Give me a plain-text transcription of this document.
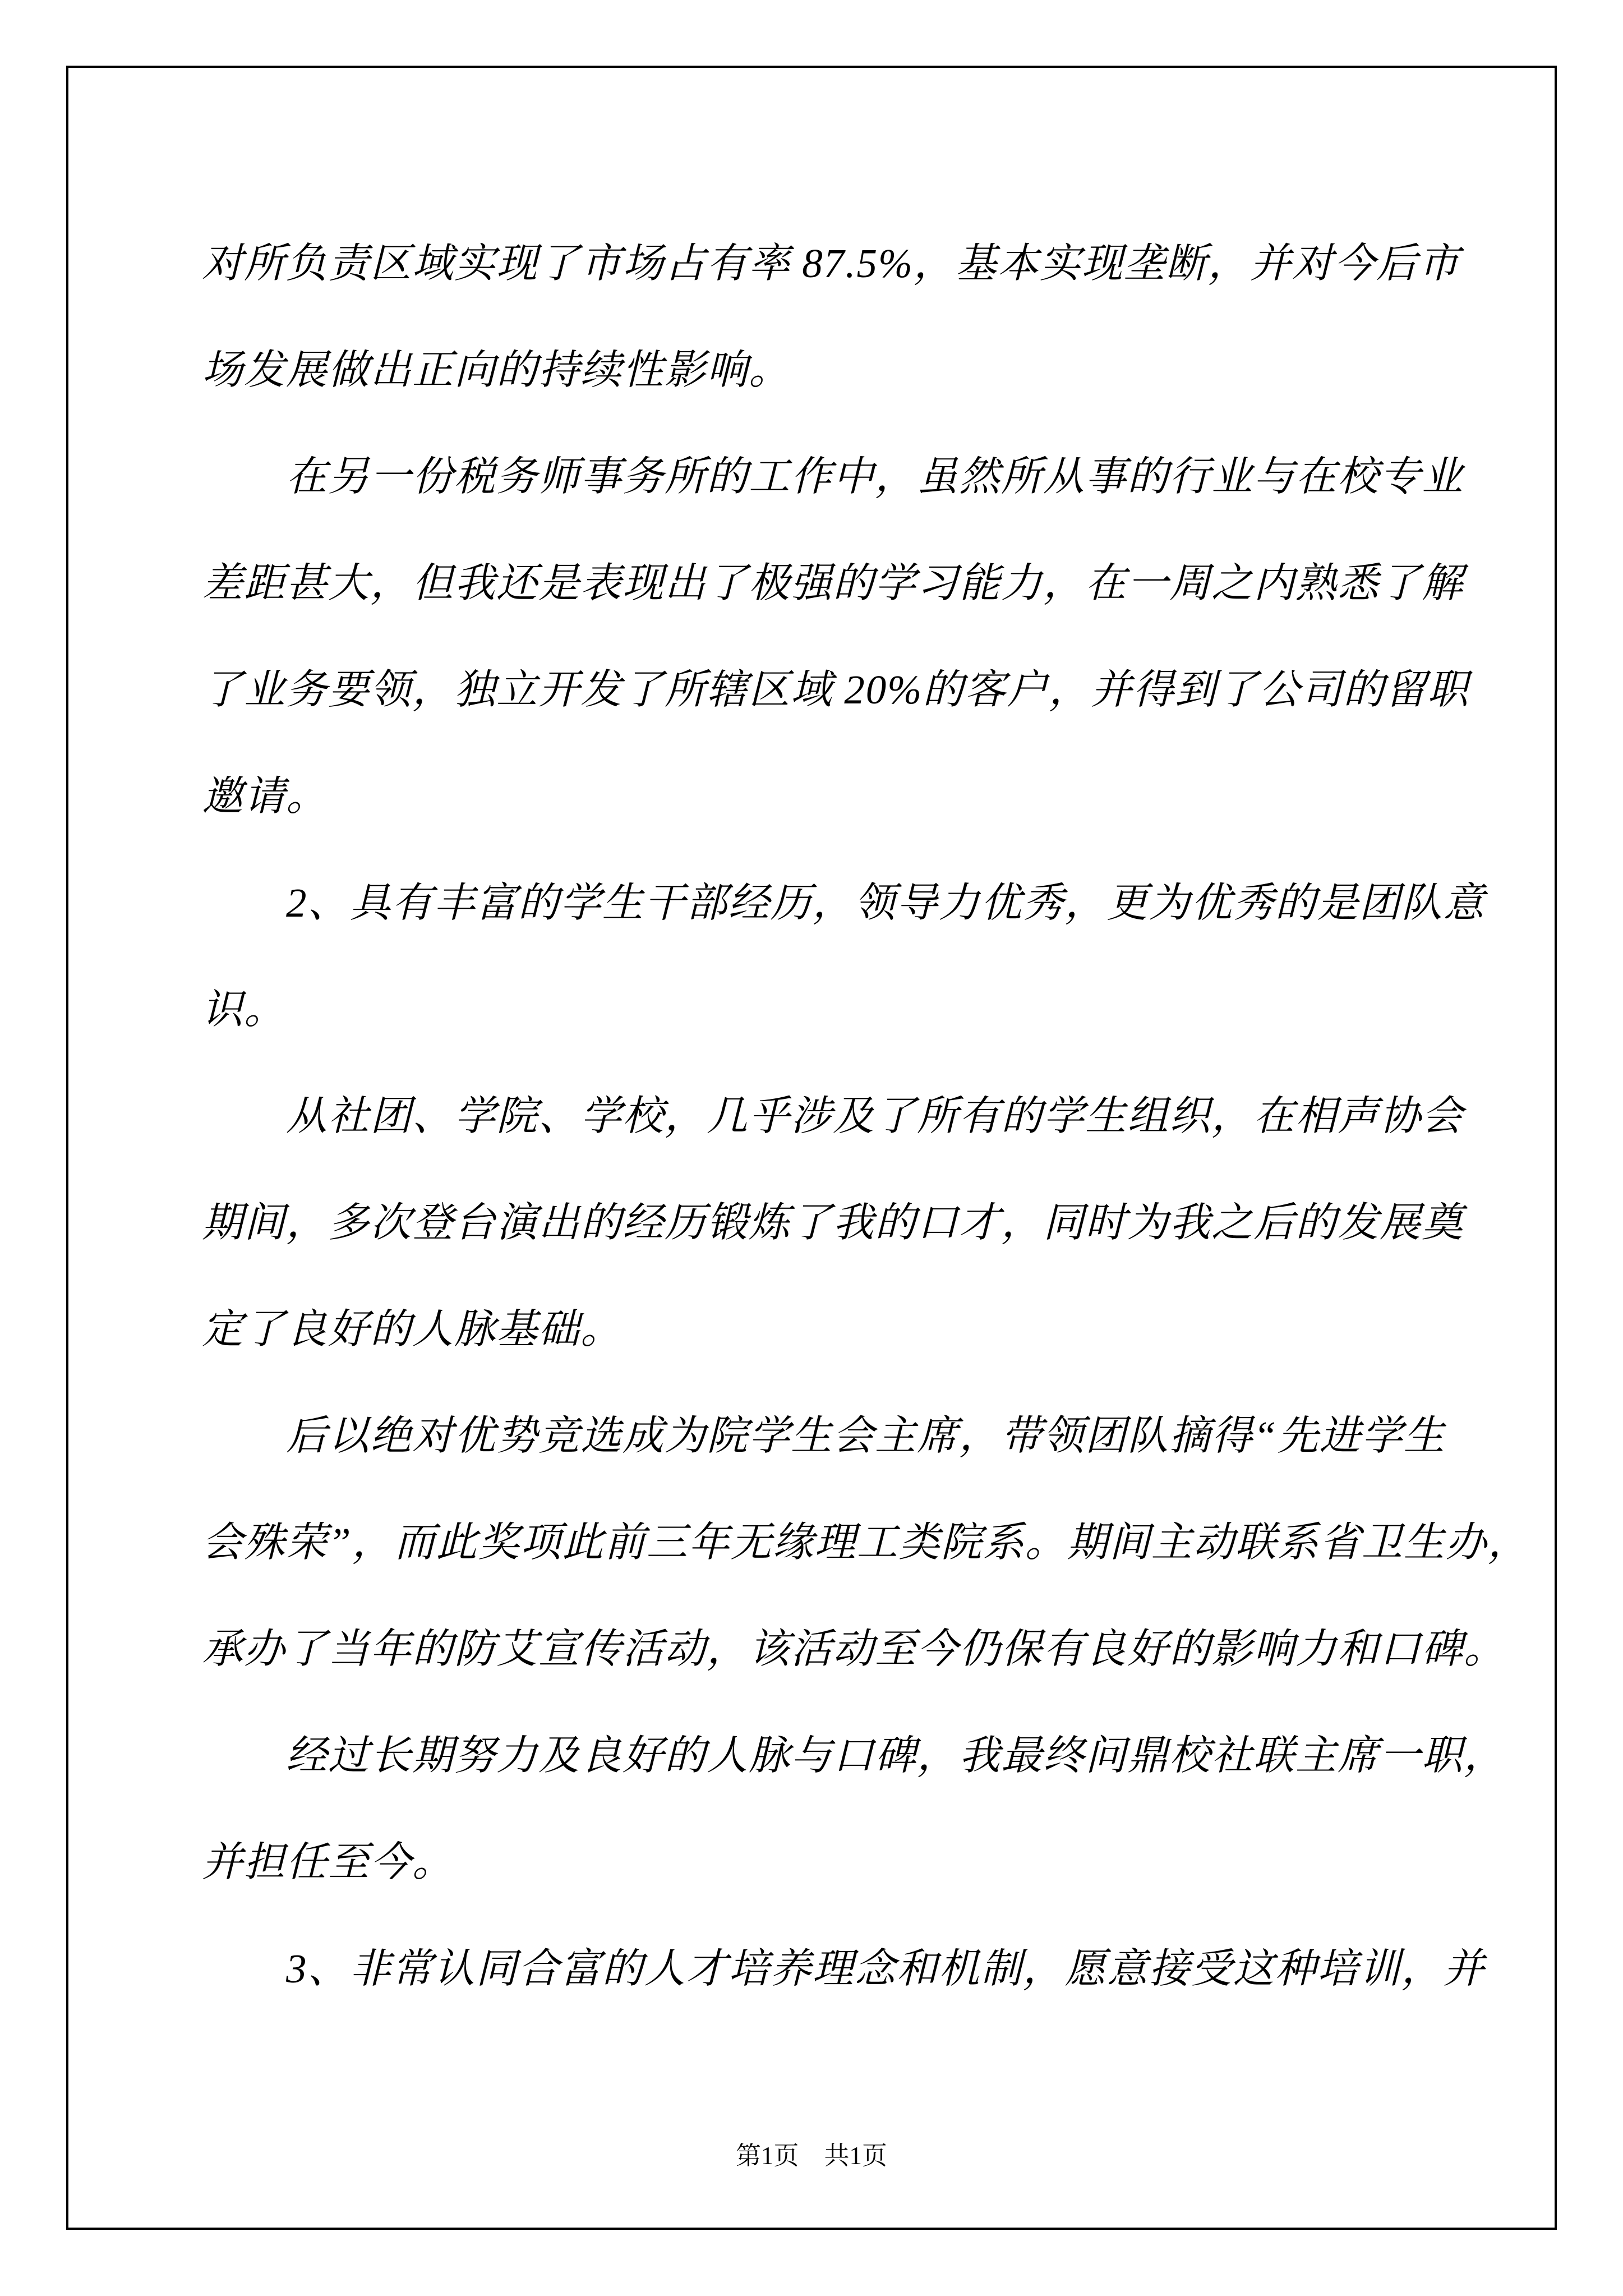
对所负责区域实现了市场占有率 87.5%，基本实现垄断，并对今后市
场发展做出正向的持续性影响。
在另一份税务师事务所的工作中，虽然所从事的行业与在校专业
差距甚大，但我还是表现出了极强的学习能力，在一周之内熟悉了解
了业务要领，独立开发了所辖区域 20%的客户，并得到了公司的留职
邀请。
2、具有丰富的学生干部经历，领导力优秀，更为优秀的是团队意
识。
从社团、学院、学校，几乎涉及了所有的学生组织，在相声协会
期间，多次登台演出的经历锻炼了我的口才，同时为我之后的发展奠
定了良好的人脉基础。
后以绝对优势竞选成为院学生会主席，带领团队摘得“先进学生
会殊荣”，而此奖项此前三年无缘理工类院系。期间主动联系省卫生办，
承办了当年的防艾宣传活动，该活动至今仍保有良好的影响力和口碑。
经过长期努力及良好的人脉与口碑，我最终问鼎校社联主席一职，
并担任至今。
3、非常认同合富的人才培养理念和机制，愿意接受这种培训，并
第1页 共1页
